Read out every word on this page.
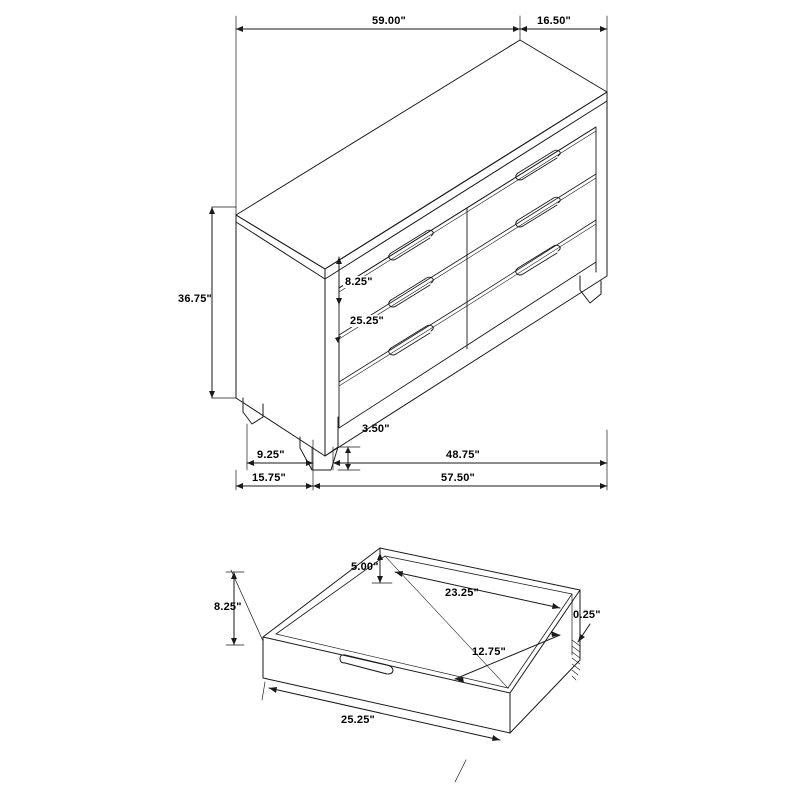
59.00"	16.50"
36.75"
8.25"
25.25"
3.50"
9.25"
15.75"
48.75"
57.50"
5.00"
8.25"
23.25"
12.75"
0.25"
25.25"
